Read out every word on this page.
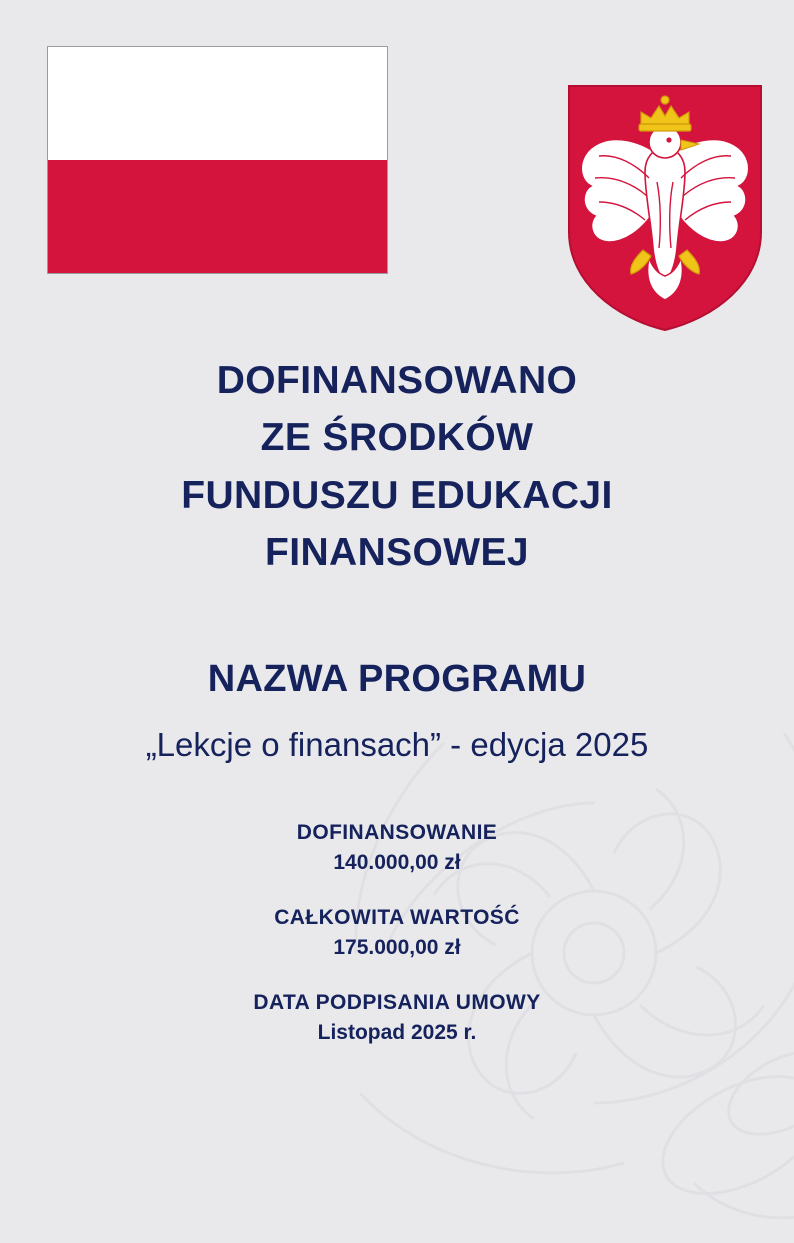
DOFINANSOWANO
ZE ŚRODKÓW
FUNDUSZU EDUKACJI
FINANSOWEJ
NAZWA PROGRAMU
„Lekcje o finansach” - edycja 2025
DOFINANSOWANIE
140.000,00 zł
CAŁKOWITA WARTOŚĆ
175.000,00 zł
DATA PODPISANIA UMOWY
Listopad 2025 r.
